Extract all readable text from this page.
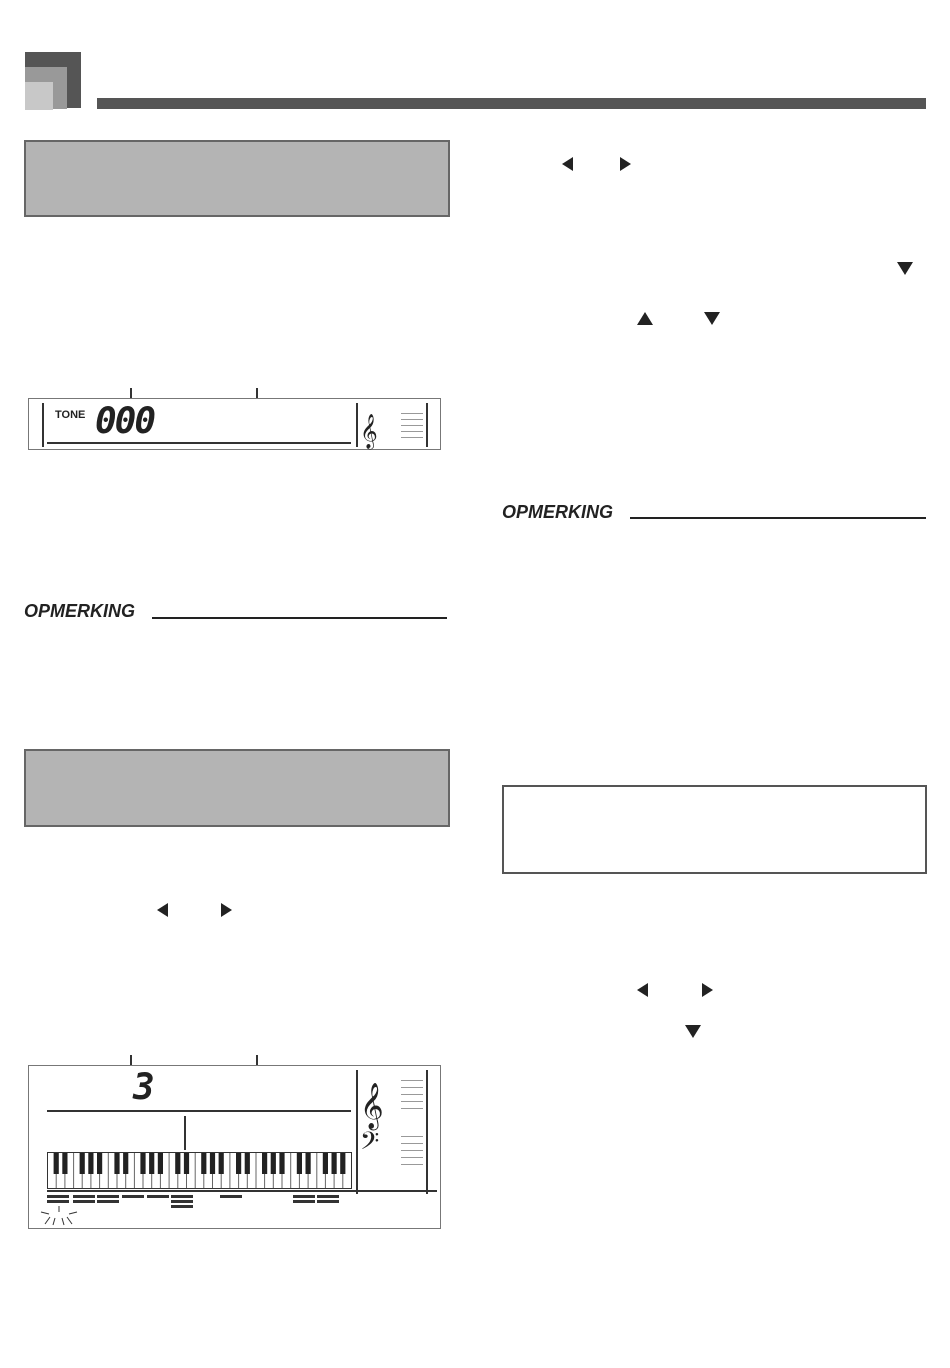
TONE 000	𝄞
OPMERKING
3	𝄞
𝄢
OPMERKING
